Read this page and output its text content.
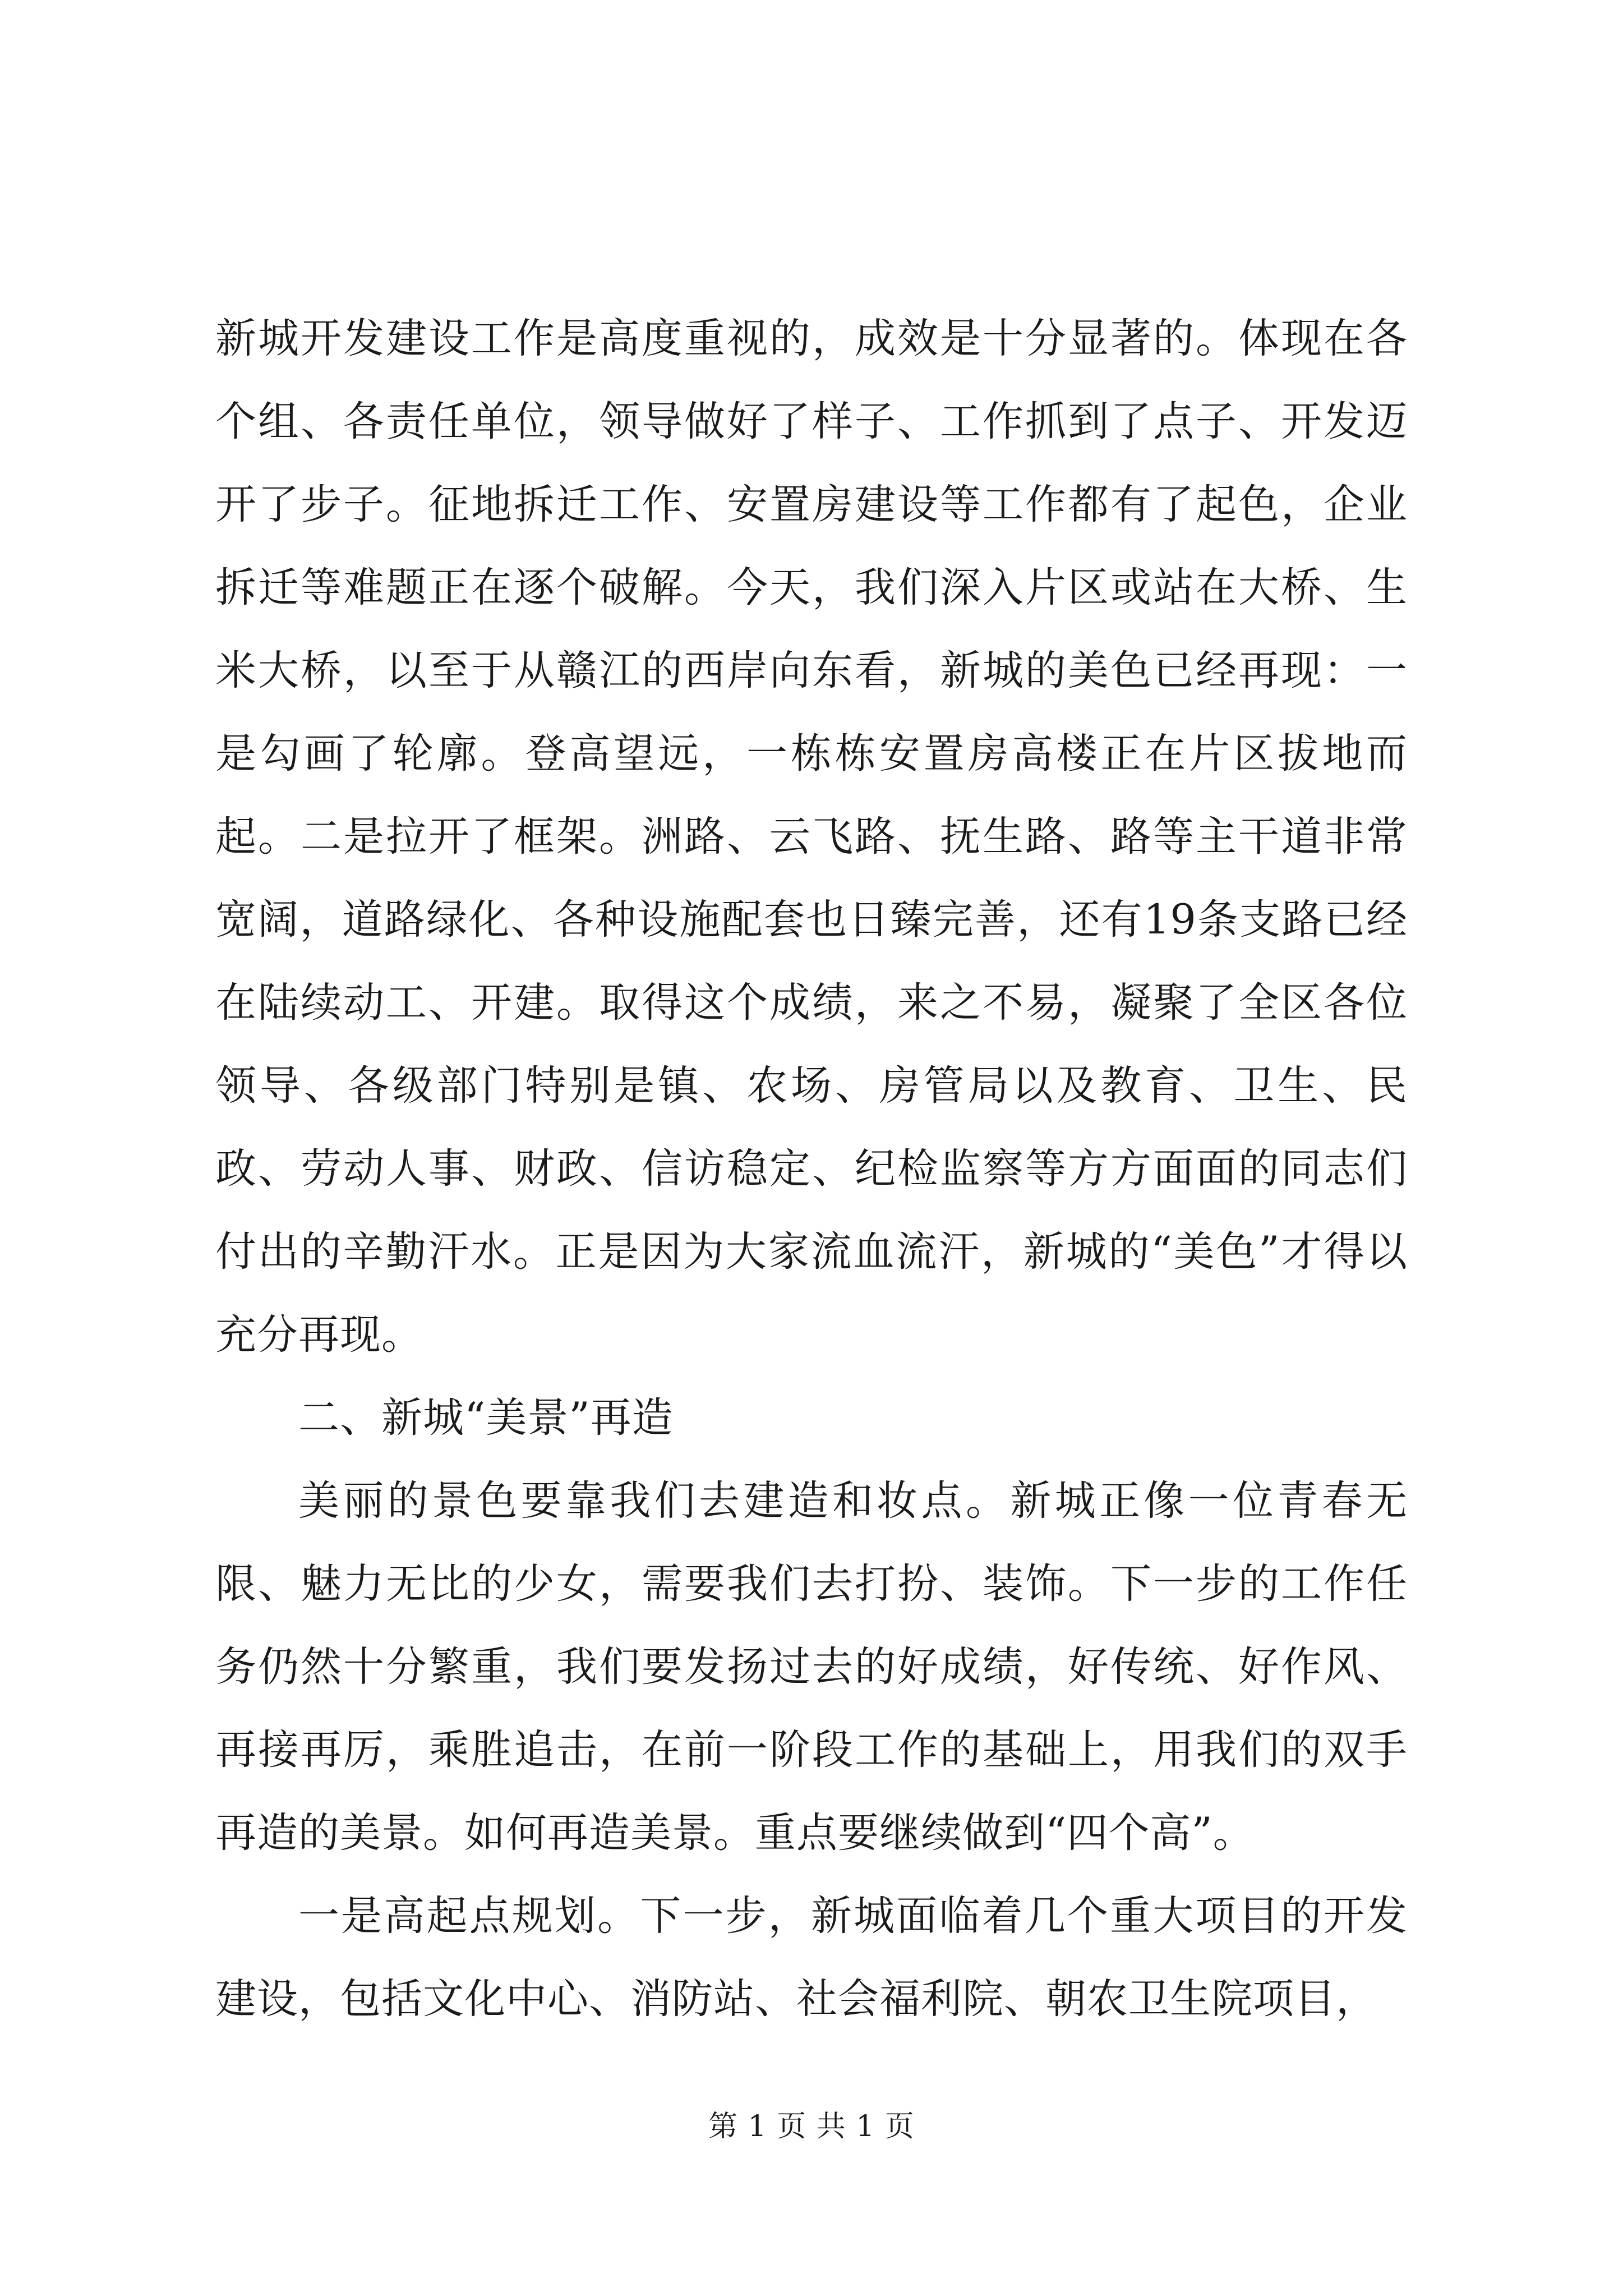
新城开发建设工作是高度重视的，成效是十分显著的。体现在各个组、各责任单位，领导做好了样子、工作抓到了点子、开发迈开了步子。征地拆迁工作、安置房建设等工作都有了起色，企业拆迁等难题正在逐个破解。今天，我们深入片区或站在大桥、生米大桥，以至于从赣江的西岸向东看，新城的美色已经再现：一是勾画了轮廓。登高望远，一栋栋安置房高楼正在片区拔地而起。二是拉开了框架。洲路、云飞路、抚生路、路等主干道非常宽阔，道路绿化、各种设施配套也日臻完善，还有19条支路已经在陆续动工、开建。取得这个成绩，来之不易，凝聚了全区各位领导、各级部门特别是镇、农场、房管局以及教育、卫生、民政、劳动人事、财政、信访稳定、纪检监察等方方面面的同志们付出的辛勤汗水。正是因为大家流血流汗，新城的“美色”才得以充分再现。

二、新城“美景”再造

美丽的景色要靠我们去建造和妆点。新城正像一位青春无限、魅力无比的少女，需要我们去打扮、装饰。下一步的工作任务仍然十分繁重，我们要发扬过去的好成绩，好传统、好作风、再接再厉，乘胜追击，在前一阶段工作的基础上，用我们的双手再造的美景。如何再造美景。重点要继续做到“四个高”。

一是高起点规划。下一步，新城面临着几个重大项目的开发建设，包括文化中心、消防站、社会福利院、朝农卫生院项目，

第 1 页 共 1 页
